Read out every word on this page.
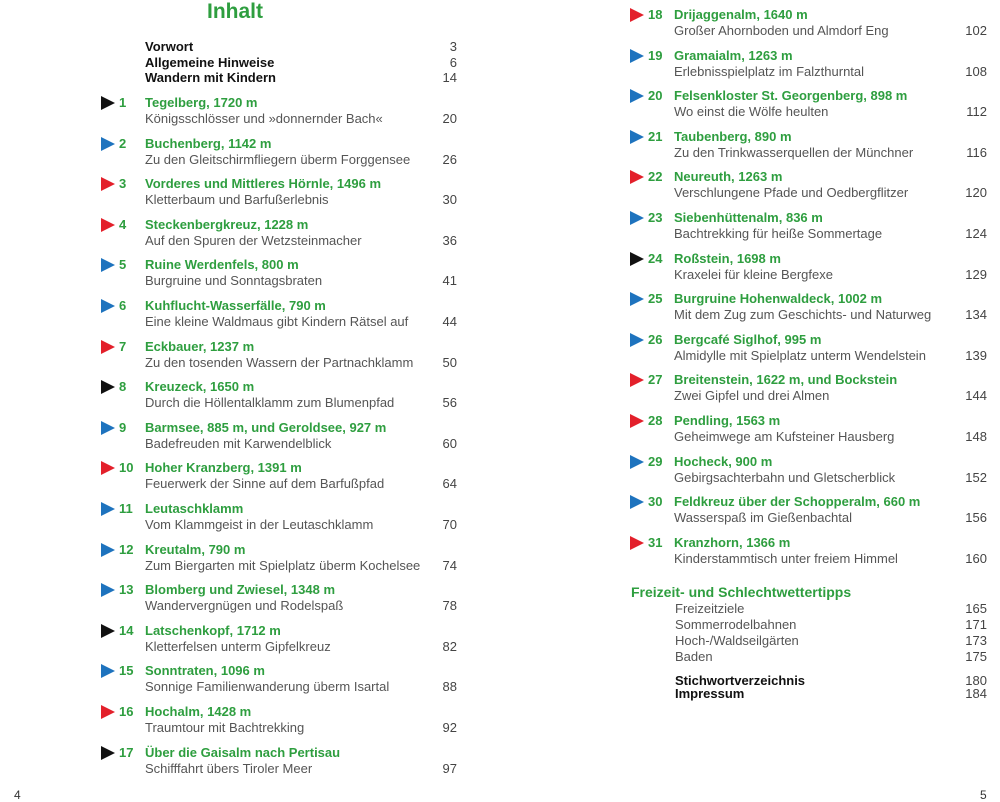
Inhalt
Vorwort	3
Allgemeine Hinweise	6
Wandern mit Kindern	14
1 Tegelberg, 1720 m
Königsschlösser und »donnernder Bach«	20
2 Buchenberg, 1142 m
Zu den Gleitschirmfliegern überm Forggensee 26
3 Vorderes und Mittleres Hörnle, 1496 m
Kletterbaum und Barfußerlebnis	30
4 Steckenbergkreuz, 1228 m
Auf den Spuren der Wetzsteinmacher	36
5 Ruine Werdenfels, 800 m
Burgruine und Sonntagsbraten	41
6 Kuhflucht-Wasserfälle, 790 m
Eine kleine Waldmaus gibt Kindern Rätsel auf	44
7 Eckbauer, 1237 m
Zu den tosenden Wassern der Partnachklamm 50
8 Kreuzeck, 1650 m
Durch die Höllentalklamm zum Blumenpfad	56
9 Barmsee, 885 m, und Geroldsee, 927 m
Badefreuden mit Karwendelblick	60
10 Hoher Kranzberg, 1391 m
Feuerwerk der Sinne auf dem Barfußpfad	64
11 Leutaschklamm
Vom Klammgeist in der Leutaschklamm	70
12 Kreutalm, 790 m
Zum Biergarten mit Spielplatz überm Kochelsee 74
13 Blomberg und Zwiesel, 1348 m
Wandervergnügen und Rodelspaß	78
14 Latschenkopf, 1712 m
Kletterfelsen unterm Gipfelkreuz	82
15 Sonntraten, 1096 m
Sonnige Familienwanderung überm Isartal	88
16 Hochalm, 1428 m
Traumtour mit Bachtrekking	92
17 Über die Gaisalm nach Pertisau
Schifffahrt übers Tiroler Meer	97
18 Drijaggenalm, 1640 m
Großer Ahornboden und Almdorf Eng	102
19 Gramaialm, 1263 m
Erlebnisspielplatz im Falzthurntal	108
20 Felsenkloster St. Georgenberg, 898 m
Wo einst die Wölfe heulten	112
21 Taubenberg, 890 m
Zu den Trinkwasserquellen der Münchner	116
22 Neureuth, 1263 m
Verschlungene Pfade und Oedbergflitzer	120
23 Siebenhüttenalm, 836 m
Bachtrekking für heiße Sommertage	124
24 Roßstein, 1698 m
Kraxelei für kleine Bergfexe	129
25 Burgruine Hohenwaldeck, 1002 m
Mit dem Zug zum Geschichts- und Naturweg	134
26 Bergcafé Siglhof, 995 m
Almidylle mit Spielplatz unterm Wendelstein	139
27 Breitenstein, 1622 m, und Bockstein
Zwei Gipfel und drei Almen	144
28 Pendling, 1563 m
Geheimwege am Kufsteiner Hausberg	148
29 Hocheck, 900 m
Gebirgsachterbahn und Gletscherblick	152
30 Feldkreuz über der Schopperalm, 660 m
Wasserspaß im Gießenbachtal	156
31 Kranzhorn, 1366 m
Kinderstammtisch unter freiem Himmel	160
Freizeit- und Schlechtwettertipps
Freizeitziele	165
Sommerrodelbahnen	171
Hoch-/Waldseilgärten	173
Baden	175
Stichwortverzeichnis	180
Impressum	184
4	5
